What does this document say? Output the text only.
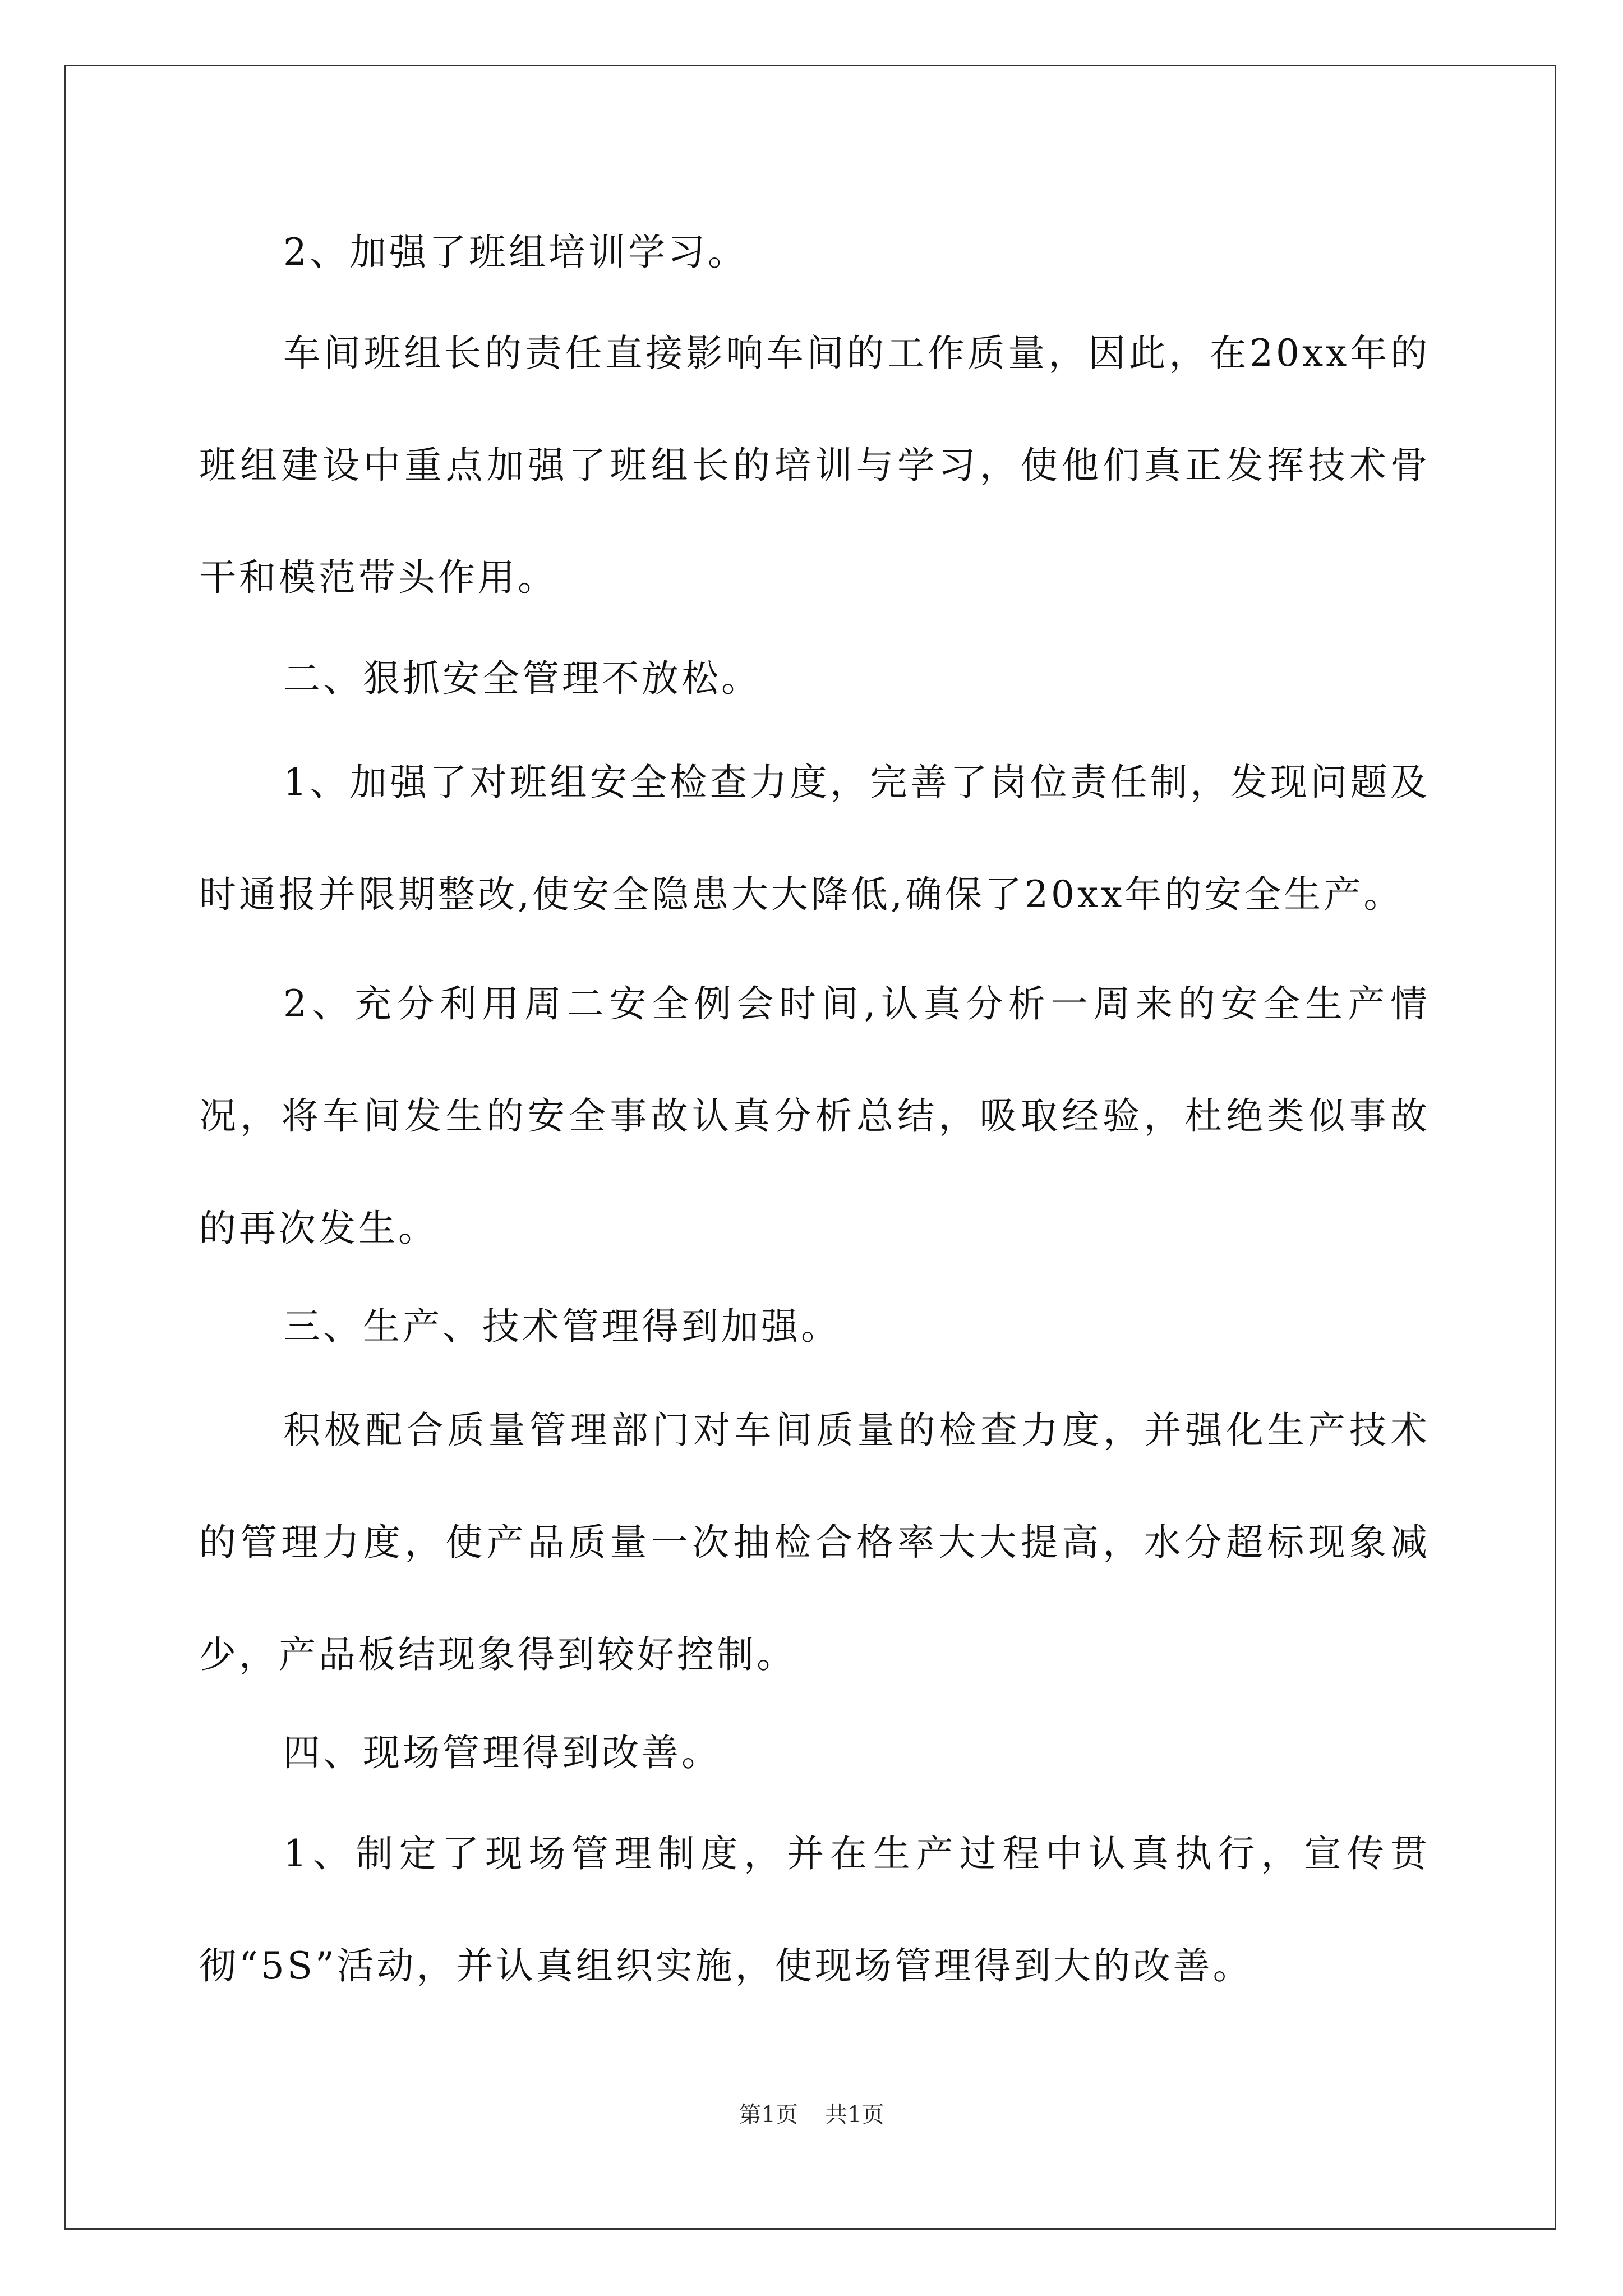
2、加强了班组培训学习。

车间班组长的责任直接影响车间的工作质量，因此，在20xx年的班组建设中重点加强了班组长的培训与学习，使他们真正发挥技术骨干和模范带头作用。

二、狠抓安全管理不放松。

1、加强了对班组安全检查力度，完善了岗位责任制，发现问题及时通报并限期整改,使安全隐患大大降低,确保了20xx年的安全生产。

2、充分利用周二安全例会时间,认真分析一周来的安全生产情况，将车间发生的安全事故认真分析总结，吸取经验，杜绝类似事故的再次发生。

三、生产、技术管理得到加强。

积极配合质量管理部门对车间质量的检查力度，并强化生产技术的管理力度，使产品质量一次抽检合格率大大提高，水分超标现象减少，产品板结现象得到较好控制。

四、现场管理得到改善。

1、制定了现场管理制度，并在生产过程中认真执行，宣传贯彻“5S”活动，并认真组织实施，使现场管理得到大的改善。

第1页 共1页
